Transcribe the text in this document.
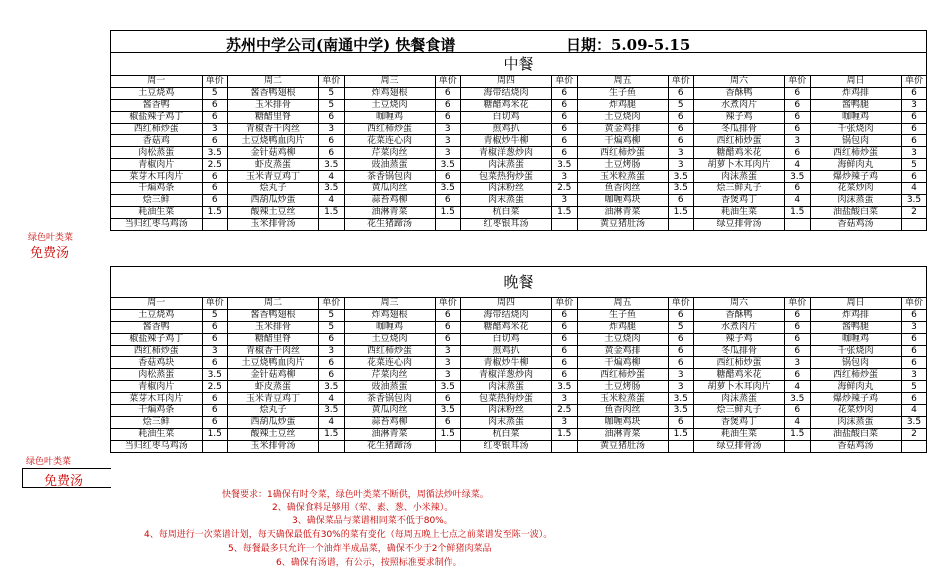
苏州中学公司(南通中学) 快餐食谱	日期：5.09-5.15
中餐
周一	单价	周二	单价	周三	单价	周四	单价	周五	单价	周六	单价	周日	单价
土豆烧鸡	5	酱香鸭翅根	5	炸鸡翅根	6	海带结烧肉	6	生子鱼	6	香酥鸭	6	炸鸡排	6
酱香鸭	6	玉米排骨	5	土豆烧肉	6	糖醋鸡米花	6	炸鸡腿	5	水煮肉片	6	酱鸭腿	3
椒盐辣子鸡丁	6	糖醋里脊	6	咖喱鸡	6	白切鸡	6	土豆烧肉	6	辣子鸡	6	咖喱鸡	6
西红柿炒蛋	3	青椒香干肉丝	3	西红柿炒蛋	3	煎鸡扒	6	黄金鸡排	6	冬瓜排骨	6	千张烧肉	6
香菇鸡	6	土豆烧鸭血肉片	6	花菜连心肉	3	青椒炒牛柳	6	干煸鸡柳	6	西红柿炒蛋	3	锅包肉	6
肉松蒸蛋	3.5	金针菇鸡柳	6	芹菜肉丝	3	青椒洋葱炒肉	6	西红柿炒蛋	3	糖醋鸡米花	6	西红柿炒蛋	3
青椒肉片	2.5	虾皮蒸蛋	3.5	豉油蒸蛋	3.5	肉沫蒸蛋	3.5	土豆烤肠	3	胡萝卜木耳肉片	4	海鲜肉丸	5
菜芽木耳肉片	6	玉米青豆鸡丁	4	茶香锅包肉	6	包菜热狗炒蛋	3	玉米粒蒸蛋	3.5	肉沫蒸蛋	3.5	爆炒辣子鸡	6
干煸鸡条	6	烩丸子	3.5	黄瓜肉丝	3.5	肉沫粉丝	2.5	鱼香肉丝	3.5	烩三鲜丸子	6	花菜炒肉	4
烩三鲜	6	西葫瓜炒蛋	4	蒜苔鸡柳	6	肉末蒸蛋	3	咖喱鸡块	6	香煲鸡丁	4	肉沫蒸蛋	3.5
耗油生菜	1.5	酸辣土豆丝	1.5	油淋青菜	1.5	杭白菜	1.5	油淋青菜	1.5	耗油生菜	1.5	油盐酸白菜	2
当归红枣乌鸡汤		玉米排骨汤		花生猪蹄汤		红枣银耳汤		黄豆猪肚汤		绿豆排骨汤		香菇鸡汤	
绿色叶类菜
免费汤
晚餐
周一	单价	周二	单价	周三	单价	周四	单价	周五	单价	周六	单价	周日	单价
土豆烧鸡	5	酱香鸭翅根	5	炸鸡翅根	6	海带结烧肉	6	生子鱼	6	香酥鸭	6	炸鸡排	6
酱香鸭	6	玉米排骨	5	咖喱鸡	6	糖醋鸡米花	6	炸鸡腿	5	水煮肉片	6	酱鸭腿	3
椒盐辣子鸡丁	6	糖醋里脊	6	土豆烧肉	6	白切鸡	6	土豆烧肉	6	辣子鸡	6	咖喱鸡	6
西红柿炒蛋	3	青椒香干肉丝	3	西红柿炒蛋	3	煎鸡扒	6	黄金鸡排	6	冬瓜排骨	6	千张烧肉	6
香菇鸡块	6	土豆烧鸭血肉片	6	花菜连心肉	3	青椒炒牛柳	6	干煸鸡柳	6	西红柿炒蛋	3	锅包肉	6
肉松蒸蛋	3.5	金针菇鸡柳	6	芹菜肉丝	3	青椒洋葱炒肉	6	西红柿炒蛋	3	糖醋鸡米花	6	西红柿炒蛋	3
青椒肉片	2.5	虾皮蒸蛋	3.5	豉油蒸蛋	3.5	肉沫蒸蛋	3.5	土豆烤肠	3	胡萝卜木耳肉片	4	海鲜肉丸	5
菜芽木耳肉片	6	玉米青豆鸡丁	4	茶香锅包肉	6	包菜热狗炒蛋	3	玉米粒蒸蛋	3.5	肉沫蒸蛋	3.5	爆炒辣子鸡	6
干煸鸡条	6	烩丸子	3.5	黄瓜肉丝	3.5	肉沫粉丝	2.5	鱼香肉丝	3.5	烩三鲜丸子	6	花菜炒肉	4
烩三鲜	6	西葫瓜炒蛋	4	蒜苔鸡柳	6	肉末蒸蛋	3	咖喱鸡块	6	香煲鸡丁	4	肉沫蒸蛋	3.5
耗油生菜	1.5	酸辣土豆丝	1.5	油淋青菜	1.5	杭白菜	1.5	油淋青菜	1.5	耗油生菜	1.5	油盐酸白菜	2
当归红枣乌鸡汤		玉米排骨汤		花生猪蹄汤		红枣银耳汤		黄豆猪肚汤		绿豆排骨汤		香菇鸡汤	
绿色叶类菜
免费汤
快餐要求：1确保有时令菜，绿色叶类菜不断供，周循法炒叶绿菜。
2、确保食料足够用（荤、素、葱、小米辣）。
3、确保菜品与菜谱相同菜不低于80%。
4、每周进行一次菜谱计划，每天确保最低有30%的菜有变化（每周五晚上七点之前菜谱发至陈一波）。
5、每餐最多只允许一个油炸半成品菜，确保不少于2个鲜猪肉菜品
6、确保有汤谱，有公示，按照标准要求制作。
